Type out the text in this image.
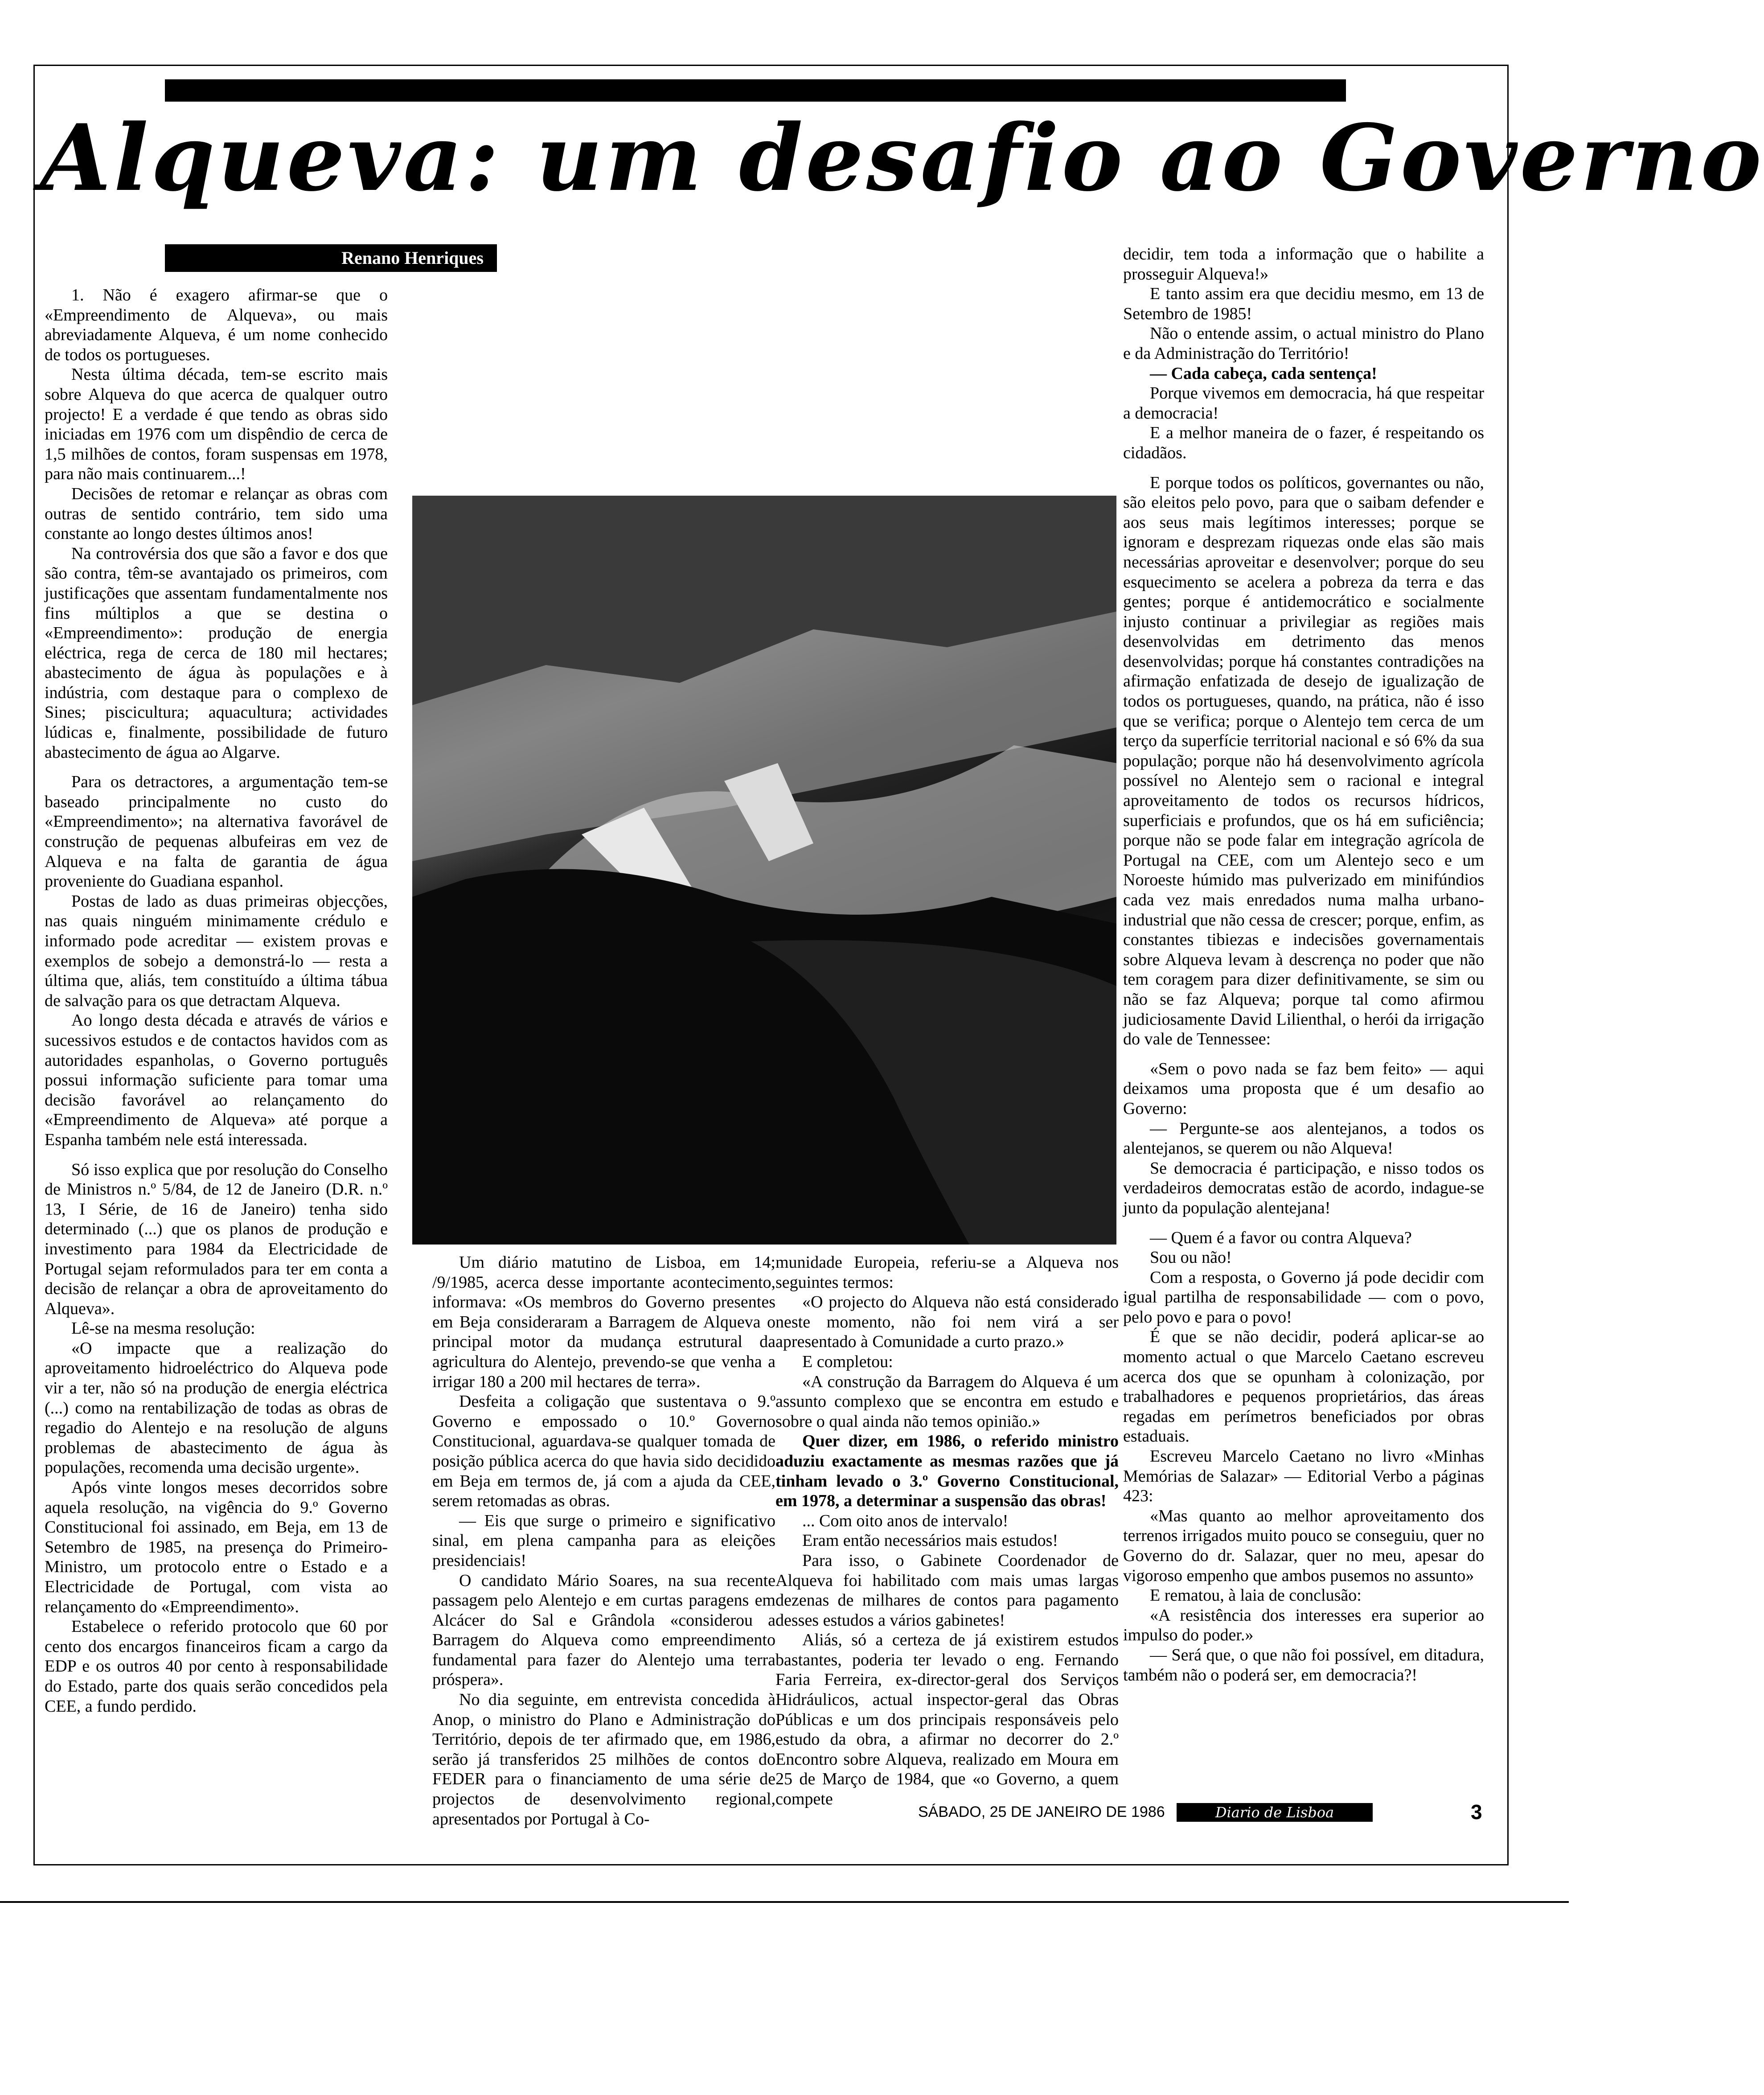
Alqueva: um desafio ao Governo
Renano Henriques

1. Não é exagero afirmar-se que o «Empreendimento de Alqueva», ou mais abreviadamente Alqueva, é um nome conhecido de todos os portugueses.

Nesta última década, tem-se escrito mais sobre Alqueva do que acerca de qualquer outro projecto! E a verdade é que tendo as obras sido iniciadas em 1976 com um dispêndio de cerca de 1,5 milhões de contos, foram suspensas em 1978, para não mais continuarem...!

Decisões de retomar e relançar as obras com outras de sentido contrário, tem sido uma constante ao longo destes últimos anos!

Na controvérsia dos que são a favor e dos que são contra, têm-se avantajado os primeiros, com justificações que assentam fundamentalmente nos fins múltiplos a que se destina o «Empreendimento»: produção de energia eléctrica, rega de cerca de 180 mil hectares; abastecimento de água às populações e à indústria, com destaque para o complexo de Sines; piscicultura; aquacultura; actividades lúdicas e, finalmente, possibilidade de futuro abastecimento de água ao Algarve.

Para os detractores, a argumentação tem-se baseado principalmente no custo do «Empreendimento»; na alternativa favorável de construção de pequenas albufeiras em vez de Alqueva e na falta de garantia de água proveniente do Guadiana espanhol.

Postas de lado as duas primeiras objecções, nas quais ninguém minimamente crédulo e informado pode acreditar — existem provas e exemplos de sobejo a demonstrá-lo — resta a última que, aliás, tem constituído a última tábua de salvação para os que detractam Alqueva.

Ao longo desta década e através de vários e sucessivos estudos e de contactos havidos com as autoridades espanholas, o Governo português possui informação suficiente para tomar uma decisão favorável ao relançamento do «Empreendimento de Alqueva» até porque a Espanha também nele está interessada.

Só isso explica que por resolução do Conselho de Ministros n.º 5/84, de 12 de Janeiro (D.R. n.º 13, I Série, de 16 de Janeiro) tenha sido determinado (...) que os planos de produção e investimento para 1984 da Electricidade de Portugal sejam reformulados para ter em conta a decisão de relançar a obra de aproveitamento do Alqueva».

Lê-se na mesma resolução:

«O impacte que a realização do aproveitamento hidroeléctrico do Alqueva pode vir a ter, não só na produção de energia eléctrica (...) como na rentabilização de todas as obras de regadio do Alentejo e na resolução de alguns problemas de abastecimento de água às populações, recomenda uma decisão urgente».

Após vinte longos meses decorridos sobre aquela resolução, na vigência do 9.º Governo Constitucional foi assinado, em Beja, em 13 de Setembro de 1985, na presença do Primeiro-Ministro, um protocolo entre o Estado e a Electricidade de Portugal, com vista ao relançamento do «Empreendimento».

Estabelece o referido protocolo que 60 por cento dos encargos financeiros ficam a cargo da EDP e os outros 40 por cento à responsabilidade do Estado, parte dos quais serão concedidos pela CEE, a fundo perdido.

Um diário matutino de Lisboa, em 14; /9/1985, acerca desse importante acontecimento, informava: «Os membros do Governo presentes em Beja consideraram a Barragem de Alqueva o principal motor da mudança estrutural da agricultura do Alentejo, prevendo-se que venha a irrigar 180 a 200 mil hectares de terra».

Desfeita a coligação que sustentava o 9.º Governo e empossado o 10.º Governo Constitucional, aguardava-se qualquer tomada de posição pública acerca do que havia sido decidido em Beja em termos de, já com a ajuda da CEE, serem retomadas as obras.

— Eis que surge o primeiro e significativo sinal, em plena campanha para as eleições presidenciais!

O candidato Mário Soares, na sua recente passagem pelo Alentejo e em curtas paragens em Alcácer do Sal e Grândola «considerou a Barragem do Alqueva como empreendimento fundamental para fazer do Alentejo uma terra próspera».

No dia seguinte, em entrevista concedida à Anop, o ministro do Plano e Administração do Território, depois de ter afirmado que, em 1986, serão já transferidos 25 milhões de contos do FEDER para o financiamento de uma série de projectos de desenvolvimento regional, apresentados por Portugal à Co-

munidade Europeia, referiu-se a Alqueva nos seguintes termos:

«O projecto do Alqueva não está considerado neste momento, não foi nem virá a ser apresentado à Comunidade a curto prazo.»

E completou:

«A construção da Barragem do Alqueva é um assunto complexo que se encontra em estudo e sobre o qual ainda não temos opinião.»

Quer dizer, em 1986, o referido ministro aduziu exactamente as mesmas razões que já tinham levado o 3.º Governo Constitucional, em 1978, a determinar a suspensão das obras!

... Com oito anos de intervalo!

Eram então necessários mais estudos!

Para isso, o Gabinete Coordenador de Alqueva foi habilitado com mais umas largas dezenas de milhares de contos para pagamento desses estudos a vários gabinetes!

Aliás, só a certeza de já existirem estudos bastantes, poderia ter levado o eng. Fernando Faria Ferreira, ex-director-geral dos Serviços Hidráulicos, actual inspector-geral das Obras Públicas e um dos principais responsáveis pelo estudo da obra, a afirmar no decorrer do 2.º Encontro sobre Alqueva, realizado em Moura em 25 de Março de 1984, que «o Governo, a quem compete

decidir, tem toda a informação que o habilite a prosseguir Alqueva!»

E tanto assim era que decidiu mesmo, em 13 de Setembro de 1985!

Não o entende assim, o actual ministro do Plano e da Administração do Território!

— Cada cabeça, cada sentença!

Porque vivemos em democracia, há que respeitar a democracia!

E a melhor maneira de o fazer, é respeitando os cidadãos.

E porque todos os políticos, governantes ou não, são eleitos pelo povo, para que o saibam defender e aos seus mais legítimos interesses; porque se ignoram e desprezam riquezas onde elas são mais necessárias aproveitar e desenvolver; porque do seu esquecimento se acelera a pobreza da terra e das gentes; porque é antidemocrático e socialmente injusto continuar a privilegiar as regiões mais desenvolvidas em detrimento das menos desenvolvidas; porque há constantes contradições na afirmação enfatizada de desejo de igualização de todos os portugueses, quando, na prática, não é isso que se verifica; porque o Alentejo tem cerca de um terço da superfície territorial nacional e só 6% da sua população; porque não há desenvolvimento agrícola possível no Alentejo sem o racional e integral aproveitamento de todos os recursos hídricos, superficiais e profundos, que os há em suficiência; porque não se pode falar em integração agrícola de Portugal na CEE, com um Alentejo seco e um Noroeste húmido mas pulverizado em minifúndios cada vez mais enredados numa malha urbano-industrial que não cessa de crescer; porque, enfim, as constantes tibiezas e indecisões governamentais sobre Alqueva levam à descrença no poder que não tem coragem para dizer definitivamente, se sim ou não se faz Alqueva; porque tal como afirmou judiciosamente David Lilienthal, o herói da irrigação do vale de Tennessee:

«Sem o povo nada se faz bem feito» — aqui deixamos uma proposta que é um desafio ao Governo:

— Pergunte-se aos alentejanos, a todos os alentejanos, se querem ou não Alqueva!

Se democracia é participação, e nisso todos os verdadeiros democratas estão de acordo, indague-se junto da população alentejana!

— Quem é a favor ou contra Alqueva?

Sou ou não!

Com a resposta, o Governo já pode decidir com igual partilha de responsabilidade — com o povo, pelo povo e para o povo!

É que se não decidir, poderá aplicar-se ao momento actual o que Marcelo Caetano escreveu acerca dos que se opunham à colonização, por trabalhadores e pequenos proprietários, das áreas regadas em perímetros beneficiados por obras estaduais.

Escreveu Marcelo Caetano no livro «Minhas Memórias de Salazar» — Editorial Verbo a páginas 423:

«Mas quanto ao melhor aproveitamento dos terrenos irrigados muito pouco se conseguiu, quer no Governo do dr. Salazar, quer no meu, apesar do vigoroso empenho que ambos pusemos no assunto»

E rematou, à laia de conclusão:

«A resistência dos interesses era superior ao impulso do poder.»

— Será que, o que não foi possível, em ditadura, também não o poderá ser, em democracia?!

SÁBADO, 25 DE JANEIRO DE 1986	Diario de Lisboa	3
